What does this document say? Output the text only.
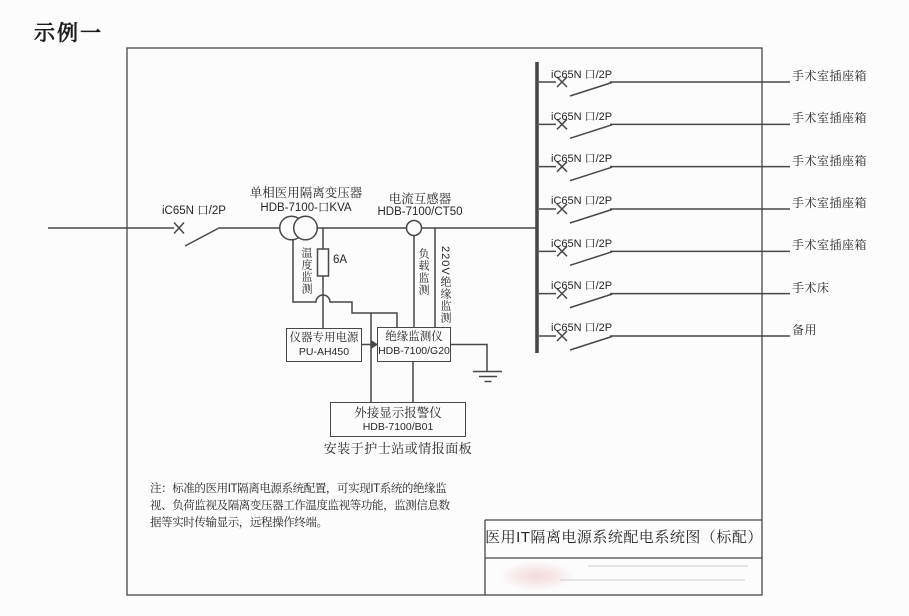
示例一
iC65N 口/2P
单相医用隔离变压器
HDB-7100-口KVA
电流互感器
HDB-7100/CT50
6A
温度监测	负载监测 220V绝缘监测
仪器专用电源
PU-AH450
绝缘监测仪
HDB-7100/G20
外接显示报警仪
HDB-7100/B01
安装于护士站或情报面板
iC65N 口/2P	手术室插座箱
iC65N 口/2P	手术室插座箱
iC65N 口/2P	手术室插座箱
iC65N 口/2P	手术室插座箱
iC65N 口/2P	手术室插座箱
iC65N 口/2P	手术床
iC65N 口/2P	备用
注：标准的医用IT隔离电源系统配置，可实现IT系统的绝缘监
视、负荷监视及隔离变压器工作温度监视等功能，监测信息数
据等实时传输显示，远程操作终端。
医用IT隔离电源系统配电系统图（标配）
